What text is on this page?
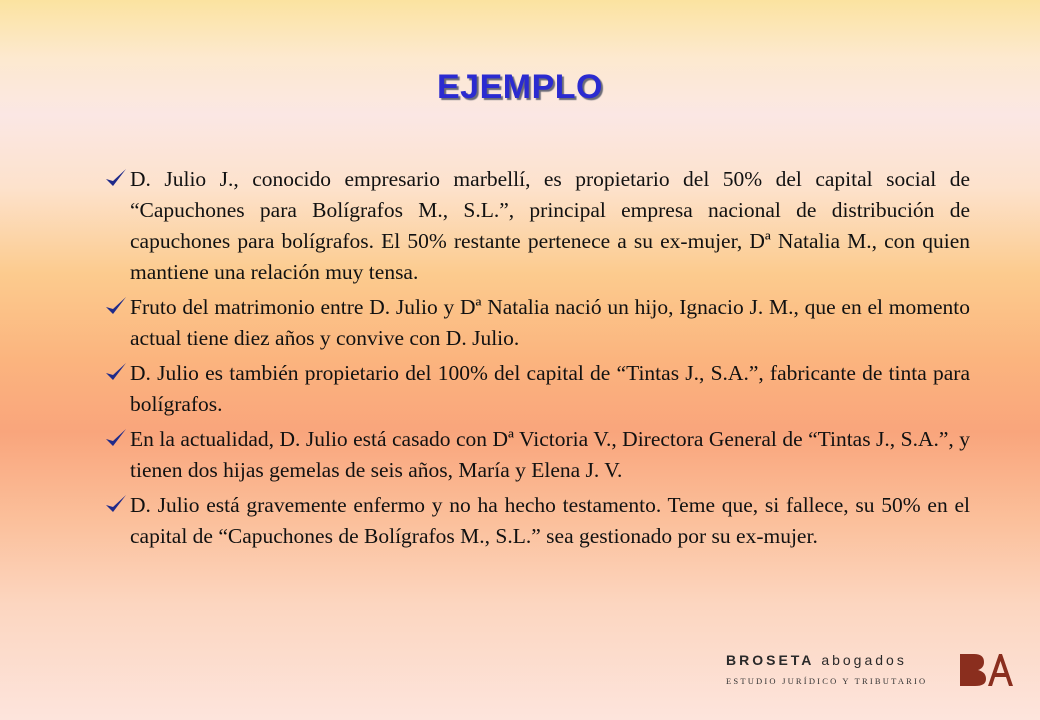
EJEMPLO
D. Julio J., conocido empresario marbellí, es propietario del 50% del capital social de “Capuchones para Bolígrafos M., S.L.”, principal empresa nacional de distribución de capuchones para bolígrafos. El 50% restante pertenece a su ex-mujer, Dª Natalia M., con quien mantiene una relación muy tensa.
Fruto del matrimonio entre D. Julio y Dª Natalia nació un hijo, Ignacio J. M., que en el momento actual tiene diez años y convive con D. Julio.
D. Julio es también propietario del 100% del capital de “Tintas J., S.A.”, fabricante de tinta para bolígrafos.
En la actualidad, D. Julio está casado con Dª Victoria V., Directora General de “Tintas J., S.A.”, y tienen dos hijas gemelas de seis años, María y Elena J. V.
D. Julio está gravemente enfermo y no ha hecho testamento. Teme que, si fallece, su 50% en el capital de “Capuchones de Bolígrafos M., S.L.” sea gestionado por su ex-mujer.
BROSETA abogados
ESTUDIO JURÍDICO Y TRIBUTARIO
